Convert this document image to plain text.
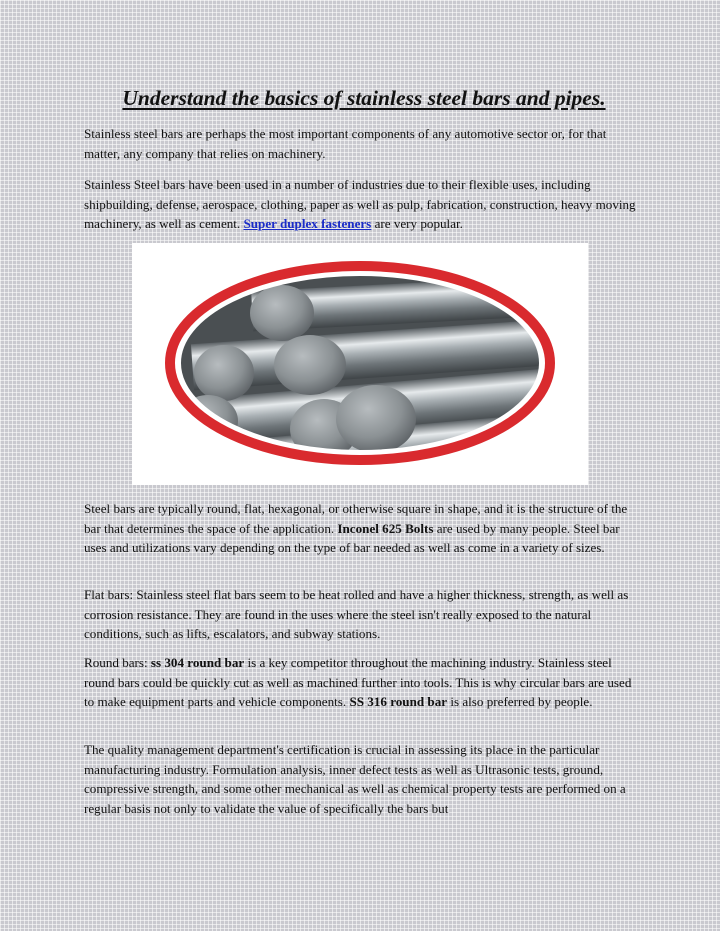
Understand the basics of stainless steel bars and pipes.

Stainless steel bars are perhaps the most important components of any automotive sector or, for that matter, any company that relies on machinery.

Stainless Steel bars have been used in a number of industries due to their flexible uses, including shipbuilding, defense, aerospace, clothing, paper as well as pulp, fabrication, construction, heavy moving machinery, as well as cement. Super duplex fasteners are very popular.

Steel bars are typically round, flat, hexagonal, or otherwise square in shape, and it is the structure of the bar that determines the space of the application. Inconel 625 Bolts are used by many people. Steel bar uses and utilizations vary depending on the type of bar needed as well as come in a variety of sizes.

Flat bars: Stainless steel flat bars seem to be heat rolled and have a higher thickness, strength, as well as corrosion resistance. They are found in the uses where the steel isn't really exposed to the natural conditions, such as lifts, escalators, and subway stations.

Round bars: ss 304 round bar is a key competitor throughout the machining industry. Stainless steel round bars could be quickly cut as well as machined further into tools. This is why circular bars are used to make equipment parts and vehicle components. SS 316 round bar is also preferred by people.

The quality management department's certification is crucial in assessing its place in the particular manufacturing industry. Formulation analysis, inner defect tests as well as Ultrasonic tests, ground, compressive strength, and some other mechanical as well as chemical property tests are performed on a regular basis not only to validate the value of specifically the bars but
